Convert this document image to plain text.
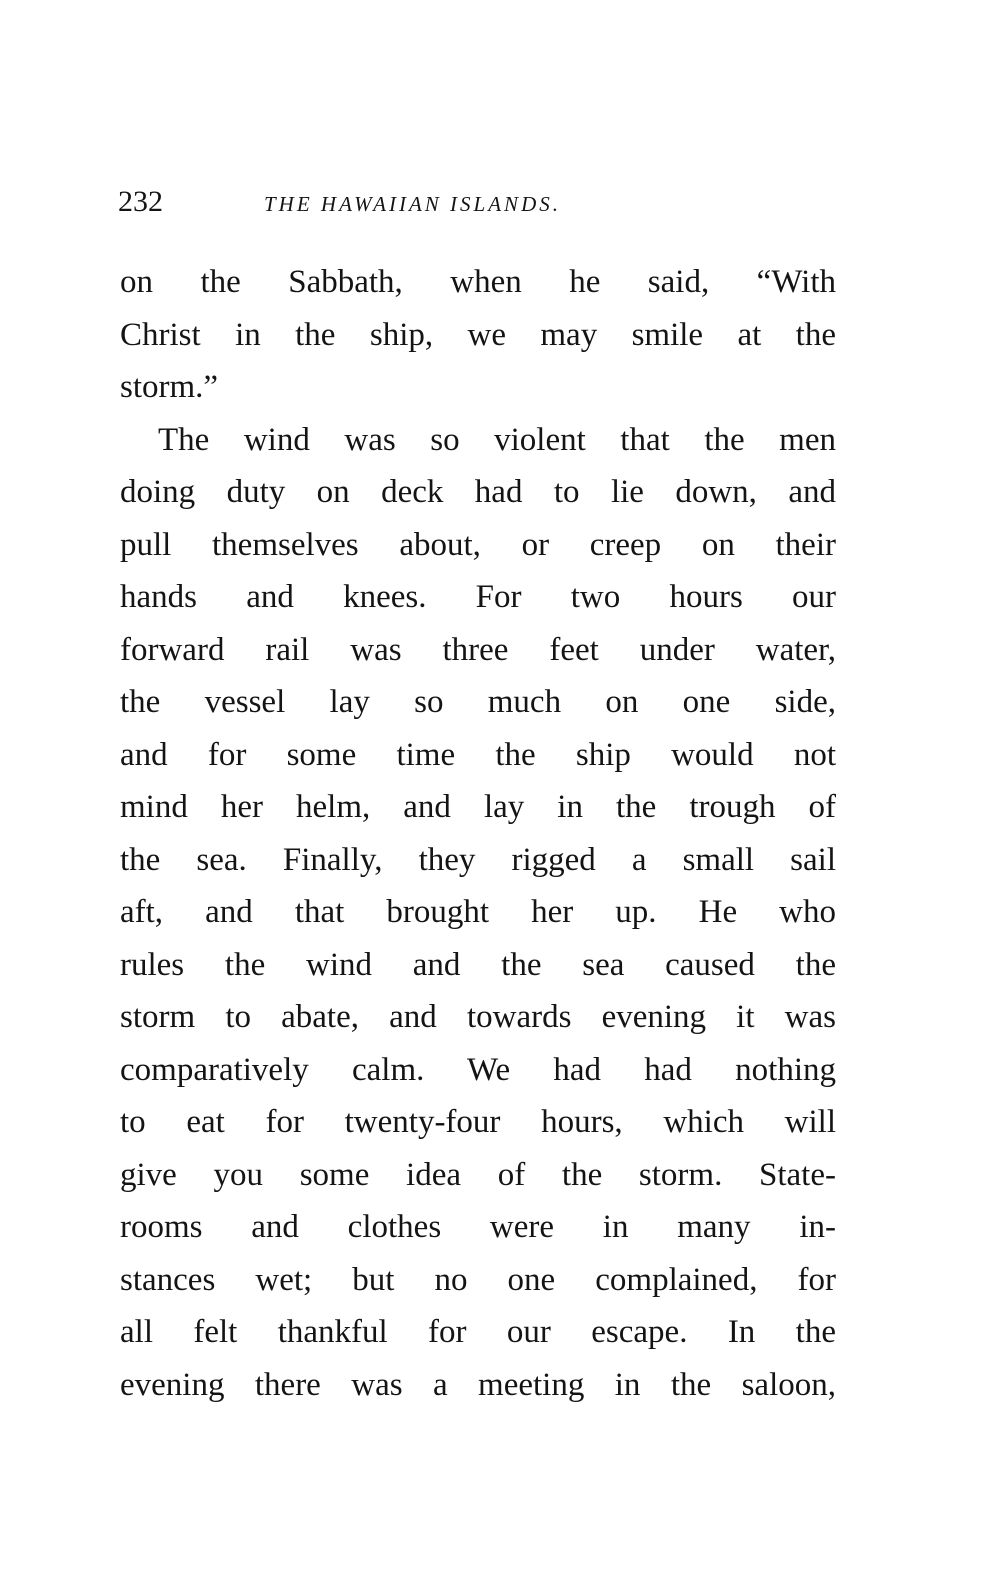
232	THE HAWAIIAN ISLANDS.
on the Sabbath, when he said, “With
Christ in the ship, we may smile at the
storm.”
The wind was so violent that the men
doing duty on deck had to lie down, and
pull themselves about, or creep on their
hands and knees. For two hours our
forward rail was three feet under water,
the vessel lay so much on one side,
and for some time the ship would not
mind her helm, and lay in the trough of
the sea. Finally, they rigged a small sail
aft, and that brought her up. He who
rules the wind and the sea caused the
storm to abate, and towards evening it was
comparatively calm. We had had nothing
to eat for twenty-four hours, which will
give you some idea of the storm. State-
rooms and clothes were in many in-
stances wet; but no one complained, for
all felt thankful for our escape. In the
evening there was a meeting in the saloon,
